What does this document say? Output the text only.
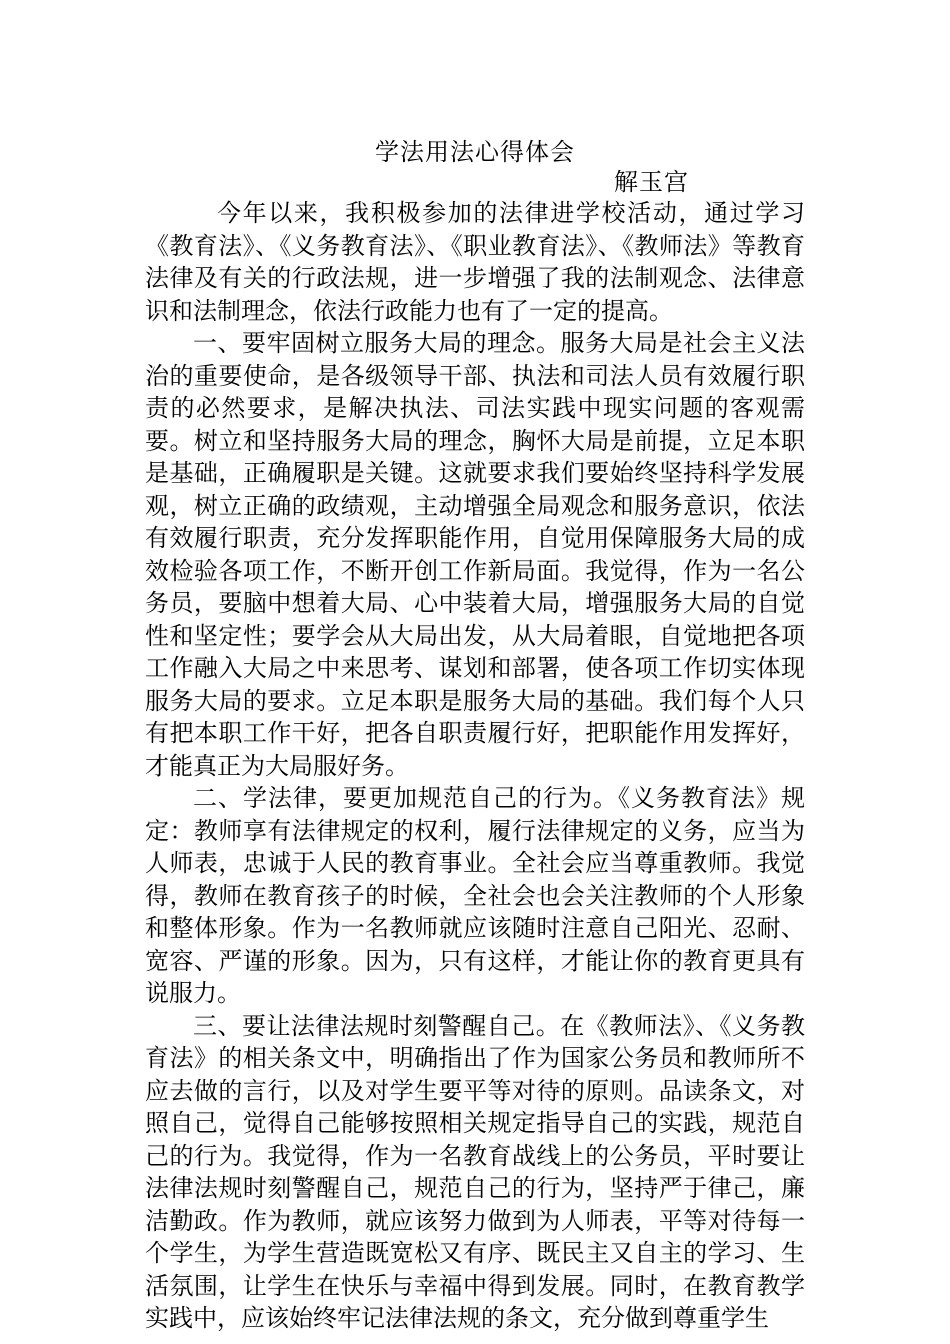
学法用法心得体会
解玉宫

今年以来，我积极参加的法律进学校活动，通过学习《教育法》、《义务教育法》、《职业教育法》、《教师法》等教育法律及有关的行政法规，进一步增强了我的法制观念、法律意识和法制理念，依法行政能力也有了一定的提高。

一、要牢固树立服务大局的理念。服务大局是社会主义法治的重要使命，是各级领导干部、执法和司法人员有效履行职责的必然要求，是解决执法、司法实践中现实问题的客观需要。树立和坚持服务大局的理念，胸怀大局是前提，立足本职是基础，正确履职是关键。这就要求我们要始终坚持科学发展观，树立正确的政绩观，主动增强全局观念和服务意识，依法有效履行职责，充分发挥职能作用，自觉用保障服务大局的成效检验各项工作，不断开创工作新局面。我觉得，作为一名公务员，要脑中想着大局、心中装着大局，增强服务大局的自觉性和坚定性；要学会从大局出发，从大局着眼，自觉地把各项工作融入大局之中来思考、谋划和部署，使各项工作切实体现服务大局的要求。立足本职是服务大局的基础。我们每个人只有把本职工作干好，把各自职责履行好，把职能作用发挥好，才能真正为大局服好务。

二、学法律，要更加规范自己的行为。《义务教育法》规定：教师享有法律规定的权利，履行法律规定的义务，应当为人师表，忠诚于人民的教育事业。全社会应当尊重教师。我觉得，教师在教育孩子的时候，全社会也会关注教师的个人形象和整体形象。作为一名教师就应该随时注意自己阳光、忍耐、宽容、严谨的形象。因为，只有这样，才能让你的教育更具有说服力。

三、要让法律法规时刻警醒自己。在《教师法》、《义务教育法》的相关条文中，明确指出了作为国家公务员和教师所不应去做的言行，以及对学生要平等对待的原则。品读条文，对照自己，觉得自己能够按照相关规定指导自己的实践，规范自己的行为。我觉得，作为一名教育战线上的公务员，平时要让法律法规时刻警醒自己，规范自己的行为，坚持严于律己，廉洁勤政。作为教师，就应该努力做到为人师表，平等对待每一个学生，为学生营造既宽松又有序、既民主又自主的学习、生活氛围，让学生在快乐与幸福中得到发展。同时，在教育教学实践中，应该始终牢记法律法规的条文，充分做到尊重学生
